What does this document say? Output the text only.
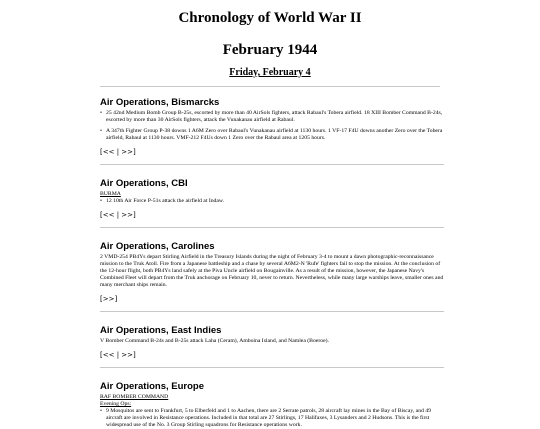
Chronology of World War II
February 1944
Friday, February 4
Air Operations, Bismarcks
• 25 42nd Medium Bomb Group B-25s, escorted by more than 40 AirSols fighters, attack Rabaul's Tobera airfield. 18 XIII Bomber Command B-24s, escorted by more than 30 AirSols fighters, attack the Vunakanau airfield at Rabaul.
• A 347th Fighter Group P-38 downs 1 A6M Zero over Rabaul's Vunakanau airfield at 1130 hours. 1 VF-17 F4U downs another Zero over the Tobera airfield, Rabaul at 1130 hours. VMF-212 F4Us down 1 Zero over the Rabaul area at 1205 hours.
[<< | >>]
Air Operations, CBI
BURMA
• 12 10th Air Force P-51s attack the airfield at Indaw.
[<< | >>]
Air Operations, Carolines

2 VMD-254 PB4Ys depart Stirling Airfield in the Treasury Islands during the night of February 3-4 to mount a dawn photographic-reconnaissance mission to the Truk Atoll. Fire from a Japanese battleship and a chase by several A6M2-N 'Rufe' fighters fail to stop the mission. At the conclusion of the 12-hour flight, both PB4Ys land safely at the Piva Uncle airfield on Bougainville. As a result of the mission, however, the Japanese Navy's Combined Fleet will depart from the Truk anchorage on February 10, never to return. Nevertheless, while many large warships leave, smaller ones and many merchant ships remain.

[>>]
Air Operations, East Indies

V Bomber Command B-24s and B-25s attack Laha (Ceram), Amboina Island, and Namlea (Boeroe).

[<< | >>]
Air Operations, Europe
RAF BOMBER COMMAND
Evening Ops:
• 9 Mosquitos are sent to Frankfurt, 5 to Elberfeld and 1 to Aachen, there are 2 Serrate patrols, 28 aircraft lay mines in the Bay of Biscay, and 49 aircraft are involved in Resistance operations. Included in that total are 27 Stirlings, 17 Halifaxes, 3 Lysanders and 2 Hudsons. This is the first widespread use of the No. 3 Group Stirling squadrons for Resistance operations work.
